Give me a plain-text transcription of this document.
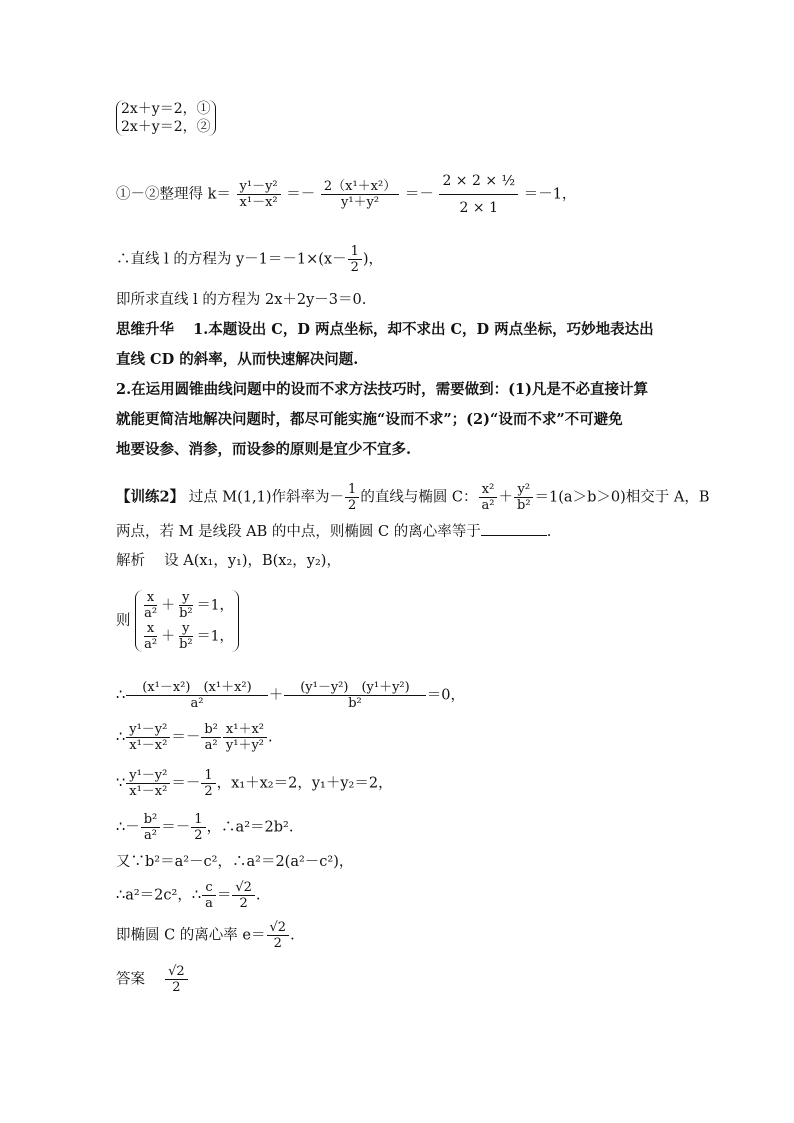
2x＋y＝2，①
2x＋y＝2，②
①－②整理得 $k= \frac{\text{y¹－y²}}{\text{x¹－x²}} =- \frac{\text{2（x¹＋x²）}}{\text{y¹＋y²}} =- \frac{\text{2 × 2 × ½}}{2 \times 1} =-1$，
∴直线 l 的方程为 $y-1=-1\times(x- \frac{1}{2}$ )，
即所求直线 l 的方程为 2x＋2y－3＝0.
思维升华　 1.本题设出 C，D 两点坐标，却不求出 C，D 两点坐标，巧妙地表达出
直线 CD 的斜率，从而快速解决问题.
2.在运用圆锥曲线问题中的设而不求方法技巧时，需要做到：(1)凡是不必直接计算
就能更简洁地解决问题时，都尽可能实施“设而不求”；(2)“设而不求”不可避免
地要设参、消参，而设参的原则是宜少不宜多.
【训练2】 过点 M(1,1)作斜率为－ $\frac{1}{2}$ 的直线与椭圆 C： $\frac{\text{x²}}{\text{a²}} + \frac{\text{y²}}{\text{b²}} =1(a>b>0)$相交于 A，B
两点，若 M 是线段 AB 的中点，则椭圆 C 的离心率等于	.
解析　 设 A(x₁，y₁)，B(x₂，y₂)，
则 $\frac{x}{\text{a²}} + \frac{y}{\text{b²}} =1$，
$\frac{x}{\text{a²}} + \frac{y}{\text{b²}} =1$，
∴ $\frac{\text{(x¹－x²)　(x¹＋x²)}}{\text{a²}} + \frac{\text{(y¹－y²)　(y¹＋y²)}}{\text{b²}} =0$，
∴ $\frac{\text{y¹－y²}}{\text{x¹－x²}} =- \frac{\text{b²}}{\text{a²}} \frac{\text{x¹＋x²}}{\text{y¹＋y²}}$ .
∵ $\frac{\text{y¹－y²}}{\text{x¹－x²}} =- \frac{1}{2}$ ，x₁＋x₂＝2，y₁＋y₂＝2，
∴－ $\frac{\text{b²}}{\text{a²}} =- \frac{1}{2}$ ，∴a²＝2b².
又∵b²＝a²－c²，∴a²＝2(a²－c²)，
∴a²＝2c²，∴ $\frac{c}{a} = \frac{√2}{2}$ .
即椭圆 C 的离心率 $e= \frac{√2}{2}$ .
答案　 $\frac{√2}{2}$
